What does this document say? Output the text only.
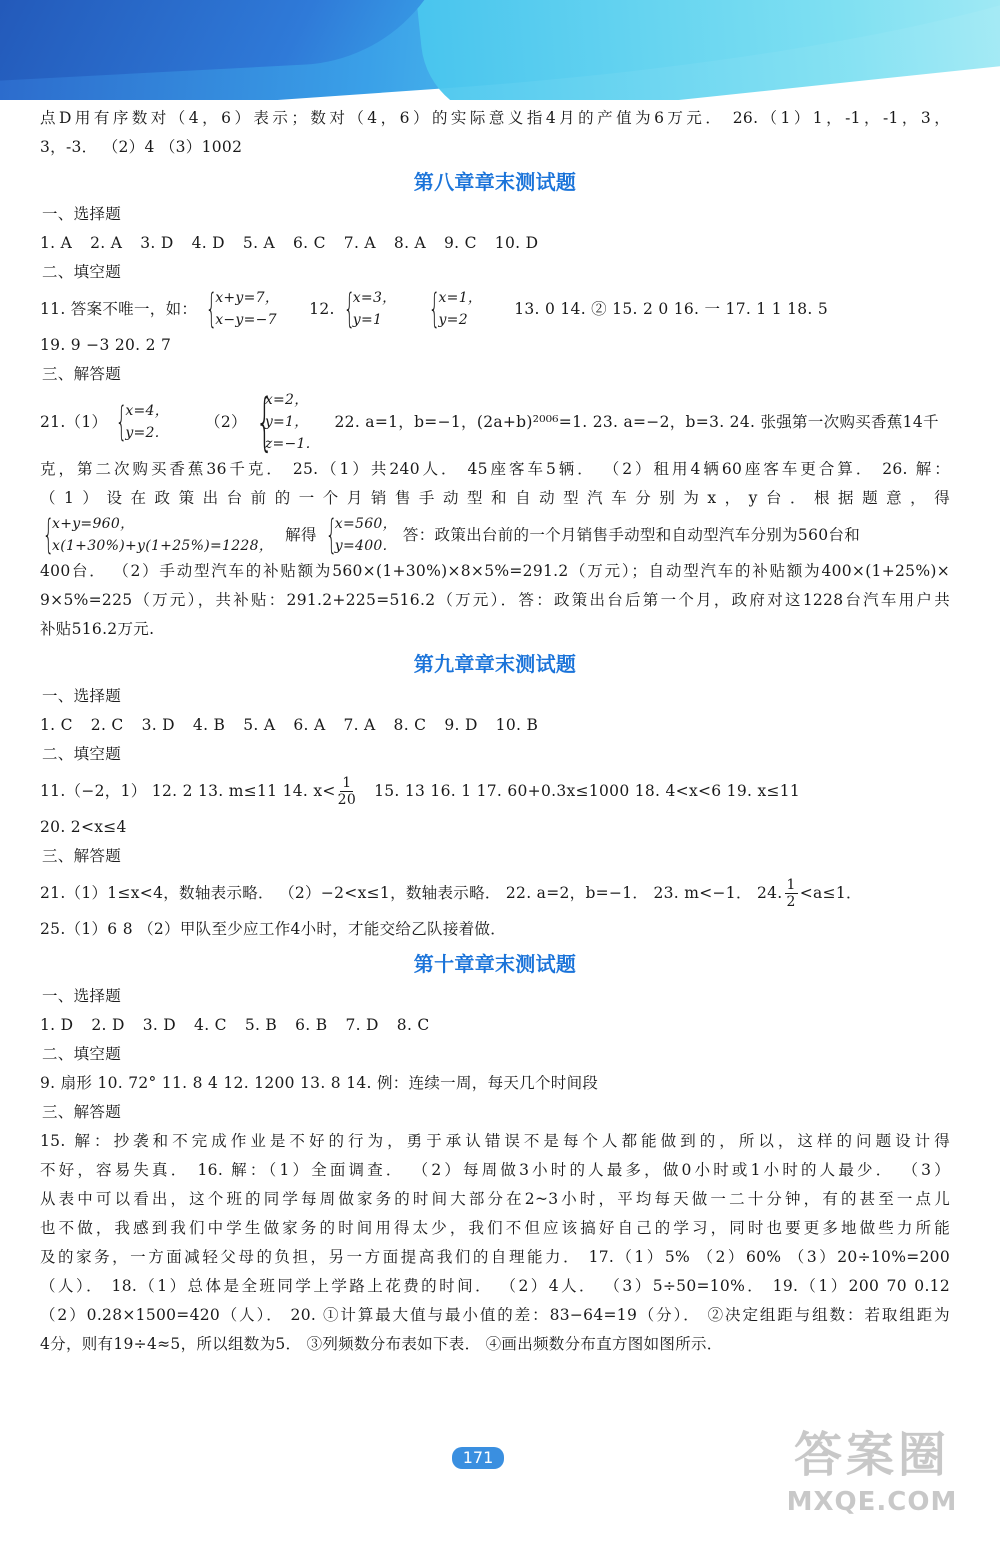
点D用有序数对（4，6）表示；数对（4，6）的实际意义指4月的产值为6万元． 26.（1）1，-1，-1，3，
3，-3． （2）4 （3）1002
第八章章末测试题
一、选择题
1. A 2. A 3. D 4. D 5. A 6. C 7. A 8. A 9. C 10. D
二、填空题
11. 答案不唯一，如： {
x+y=7，
x−y=−7
12. {
x=3，
y=1	{
x=1，
y=2
13. 0 14. ② 15. 2 0 16. 一 17. 1 1 18. 5
19. 9 −3 20. 2 7
三、解答题
21.（1） {
x=4，
y=2.
（2） {
x=2，
y=1，
z=−1.
22. a=1，b=−1，(2a+b)²⁰⁰⁶=1. 23. a=−2，b=3. 24. 张强第一次购买香蕉14千
克，第二次购买香蕉36千克． 25.（1）共240人． 45座客车5辆． （2）租用4辆60座客车更合算． 26. 解：
（1）设在政策出台前的一个月销售手动型和自动型汽车分别为x，y台．根据题意，得
{
x+y=960，
x(1+30%)+y(1+25%)=1228，
解得 {
x=560，
y=400.
答：政策出台前的一个月销售手动型和自动型汽车分别为560台和
400台． （2）手动型汽车的补贴额为560×(1+30%)×8×5%=291.2（万元）；自动型汽车的补贴额为400×(1+25%)×
9×5%=225（万元），共补贴：291.2+225=516.2（万元）．答：政策出台后第一个月，政府对这1228台汽车用户共
补贴516.2万元.
第九章章末测试题
一、选择题
1. C 2. C 3. D 4. B 5. A 6. A 7. A 8. C 9. D 10. B
二、填空题
11.（−2，1） 12. 2 13. m≤11 14. $x< \frac{1}{20} 15$. 13 16. 1 17. 60+0.3x≤1000 18. 4<x<6 19. x≤11
20. 2<x≤4
三、解答题
21.（1）1≤x<4，数轴表示略． （2）−2<x≤1，数轴表示略． 22. a=2，b=−1． 23. m<−1． 24. $\frac{1}{2} <a\le 1$．
25.（1）6 8 （2）甲队至少应工作4小时，才能交给乙队接着做．
第十章章末测试题
一、选择题
1. D 2. D 3. D 4. C 5. B 6. B 7. D 8. C
二、填空题
9. 扇形 10. 72° 11. 8 4 12. 1200 13. 8 14. 例：连续一周，每天几个时间段
三、解答题
15. 解：抄袭和不完成作业是不好的行为，勇于承认错误不是每个人都能做到的，所以，这样的问题设计得
不好，容易失真． 16. 解：（1）全面调查． （2）每周做3小时的人最多，做0小时或1小时的人最少． （3）
从表中可以看出，这个班的同学每周做家务的时间大部分在2~3小时，平均每天做一二十分钟，有的甚至一点儿
也不做，我感到我们中学生做家务的时间用得太少，我们不但应该搞好自己的学习，同时也要更多地做些力所能
及的家务，一方面减轻父母的负担，另一方面提高我们的自理能力． 17.（1）5% （2）60% （3）20÷10%=200
（人）． 18.（1）总体是全班同学上学路上花费的时间． （2）4人． （3）5÷50=10%． 19.（1）200 70 0.12
（2）0.28×1500=420（人）． 20. ①计算最大值与最小值的差：83−64=19（分）． ②决定组距与组数：若取组距为
4分，则有19÷4≈5，所以组数为5． ③列频数分布表如下表． ④画出频数分布直方图如图所示．
171	答案圈
MXQE.COM
